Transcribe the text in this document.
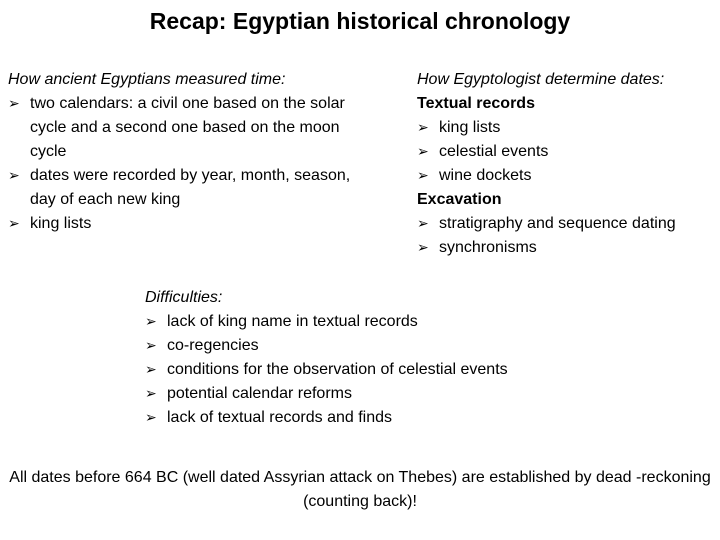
Recap: Egyptian historical chronology
How ancient Egyptians measured time:
➢ two calendars: a civil one based on the solar cycle and a second one based on the moon cycle
➢ dates were recorded by year, month, season, day of each new king
➢ king lists
How Egyptologist determine dates:
Textual records
➢ king lists
➢ celestial events
➢ wine dockets
Excavation
➢ stratigraphy and sequence dating
➢ synchronisms
Difficulties:
➢ lack of king name in textual records
➢ co-regencies
➢ conditions for the observation of celestial events
➢ potential calendar reforms
➢ lack of textual records and finds
All dates before 664 BC (well dated Assyrian attack on Thebes) are established by dead -reckoning (counting back)!
